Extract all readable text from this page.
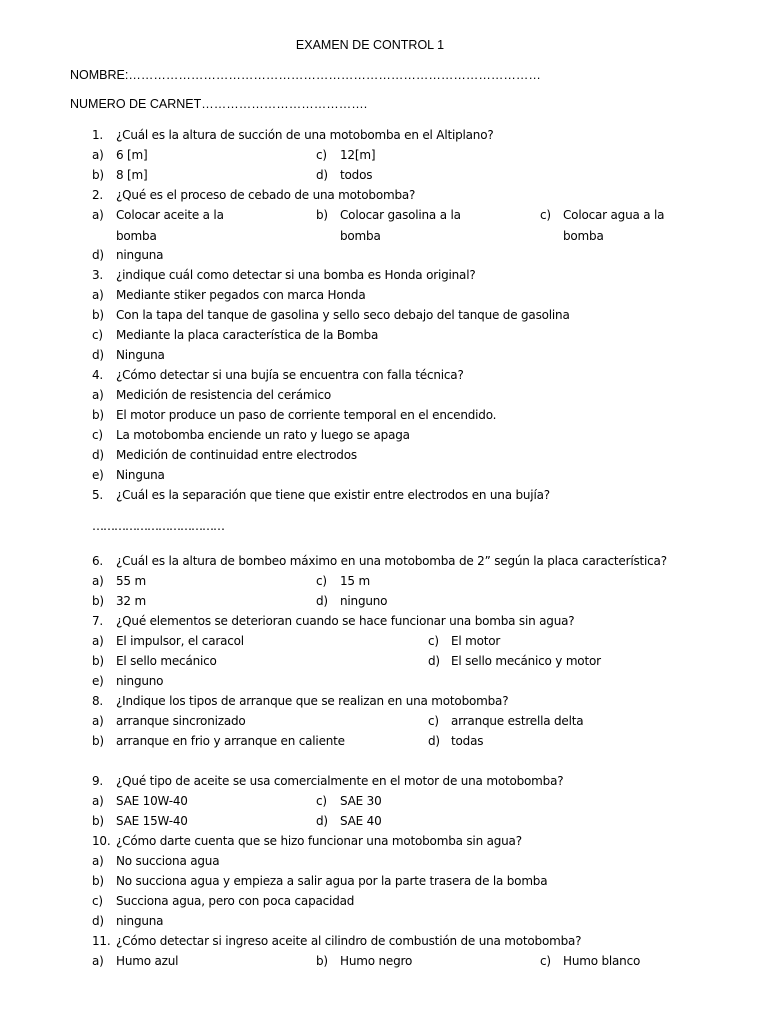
EXAMEN DE CONTROL 1
NOMBRE:………………………………………………………………………………………
NUMERO DE CARNET………………………………….
1.	¿Cuál es la altura de succión de una motobomba en el Altiplano?
a)	6 [m]	c) 12[m]
b)	8 [m]	d) todos
2.	¿Qué es el proceso de cebado de una motobomba?
a)	Colocar aceite a la	b) Colocar gasolina a la	c) Colocar agua a la
bomba	bomba	bomba
d)	ninguna
3.	¿indique cuál como detectar si una bomba es Honda original?
a)	Mediante stiker pegados con marca Honda
b)	Con la tapa del tanque de gasolina y sello seco debajo del tanque de gasolina
c)	Mediante la placa característica de la Bomba
d)	Ninguna
4.	¿Cómo detectar si una bujía se encuentra con falla técnica?
a)	Medición de resistencia del cerámico
b)	El motor produce un paso de corriente temporal en el encendido.
c)	La motobomba enciende un rato y luego se apaga
d)	Medición de continuidad entre electrodos
e)	Ninguna
5.	¿Cuál es la separación que tiene que existir entre electrodos en una bujía?
………………………………
6.	¿Cuál es la altura de bombeo máximo en una motobomba de 2” según la placa característica?
a)	55 m	c) 15 m
b)	32 m	d) ninguno
7.	¿Qué elementos se deterioran cuando se hace funcionar una bomba sin agua?
a)	El impulsor, el caracol	c) El motor
b)	El sello mecánico	d) El sello mecánico y motor
e)	ninguno
8.	¿Indique los tipos de arranque que se realizan en una motobomba?
a)	arranque sincronizado	c) arranque estrella delta
b)	arranque en frio y arranque en caliente	d) todas
9.	¿Qué tipo de aceite se usa comercialmente en el motor de una motobomba?
a)	SAE 10W-40	c) SAE 30
b)	SAE 15W-40	d) SAE 40
10. ¿Cómo darte cuenta que se hizo funcionar una motobomba sin agua?
a)	No succiona agua
b)	No succiona agua y empieza a salir agua por la parte trasera de la bomba
c)	Succiona agua, pero con poca capacidad
d)	ninguna
11. ¿Cómo detectar si ingreso aceite al cilindro de combustión de una motobomba?
a)	Humo azul	b) Humo negro	c) Humo blanco
